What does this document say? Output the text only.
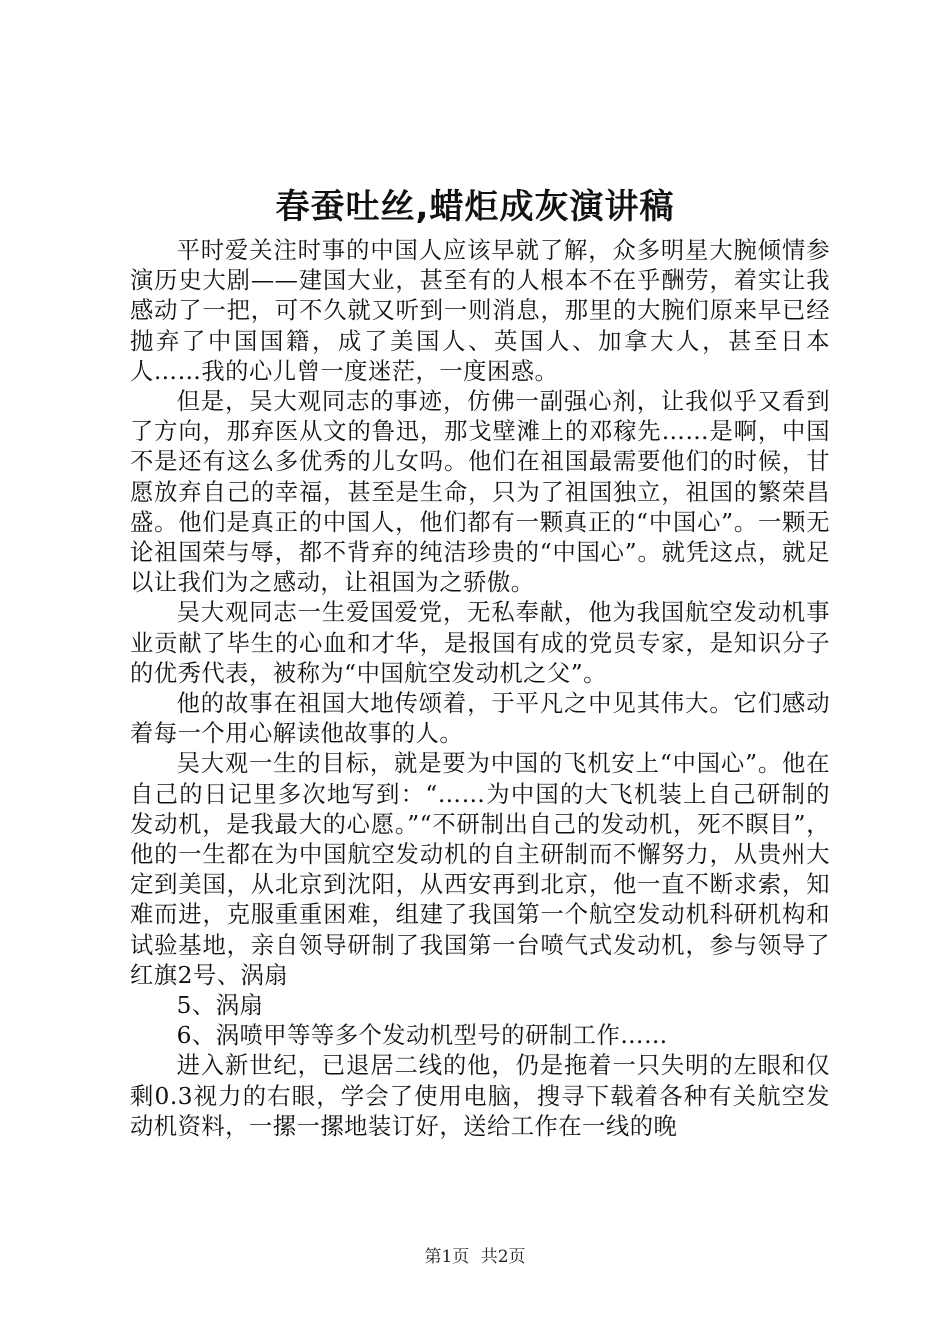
春蚕吐丝,蜡炬成灰演讲稿

平时爱关注时事的中国人应该早就了解，众多明星大腕倾情参演历史大剧——建国大业，甚至有的人根本不在乎酬劳，着实让我感动了一把，可不久就又听到一则消息，那里的大腕们原来早已经抛弃了中国国籍，成了美国人、英国人、加拿大人，甚至日本人……我的心儿曾一度迷茫，一度困惑。

但是，吴大观同志的事迹，仿佛一副强心剂，让我似乎又看到了方向，那弃医从文的鲁迅，那戈壁滩上的邓稼先……是啊，中国不是还有这么多优秀的儿女吗。他们在祖国最需要他们的时候，甘愿放弃自己的幸福，甚至是生命，只为了祖国独立，祖国的繁荣昌盛。他们是真正的中国人，他们都有一颗真正的“中国心”。一颗无论祖国荣与辱，都不背弃的纯洁珍贵的“中国心”。就凭这点，就足以让我们为之感动，让祖国为之骄傲。

吴大观同志一生爱国爱党，无私奉献，他为我国航空发动机事业贡献了毕生的心血和才华，是报国有成的党员专家，是知识分子的优秀代表，被称为“中国航空发动机之父”。

他的故事在祖国大地传颂着，于平凡之中见其伟大。它们感动着每一个用心解读他故事的人。

吴大观一生的目标，就是要为中国的飞机安上“中国心”。他在自己的日记里多次地写到：“……为中国的大飞机装上自己研制的发动机，是我最大的心愿。”“不研制出自己的发动机，死不瞑目”，他的一生都在为中国航空发动机的自主研制而不懈努力，从贵州大定到美国，从北京到沈阳，从西安再到北京，他一直不断求索，知难而进，克服重重困难，组建了我国第一个航空发动机科研机构和试验基地，亲自领导研制了我国第一台喷气式发动机，参与领导了红旗2号、涡扇

5、涡扇

6、涡喷甲等等多个发动机型号的研制工作……

进入新世纪，已退居二线的他，仍是拖着一只失明的左眼和仅剩0.3视力的右眼，学会了使用电脑，搜寻下载着各种有关航空发动机资料，一摞一摞地装订好，送给工作在一线的晚

第1页 共2页
